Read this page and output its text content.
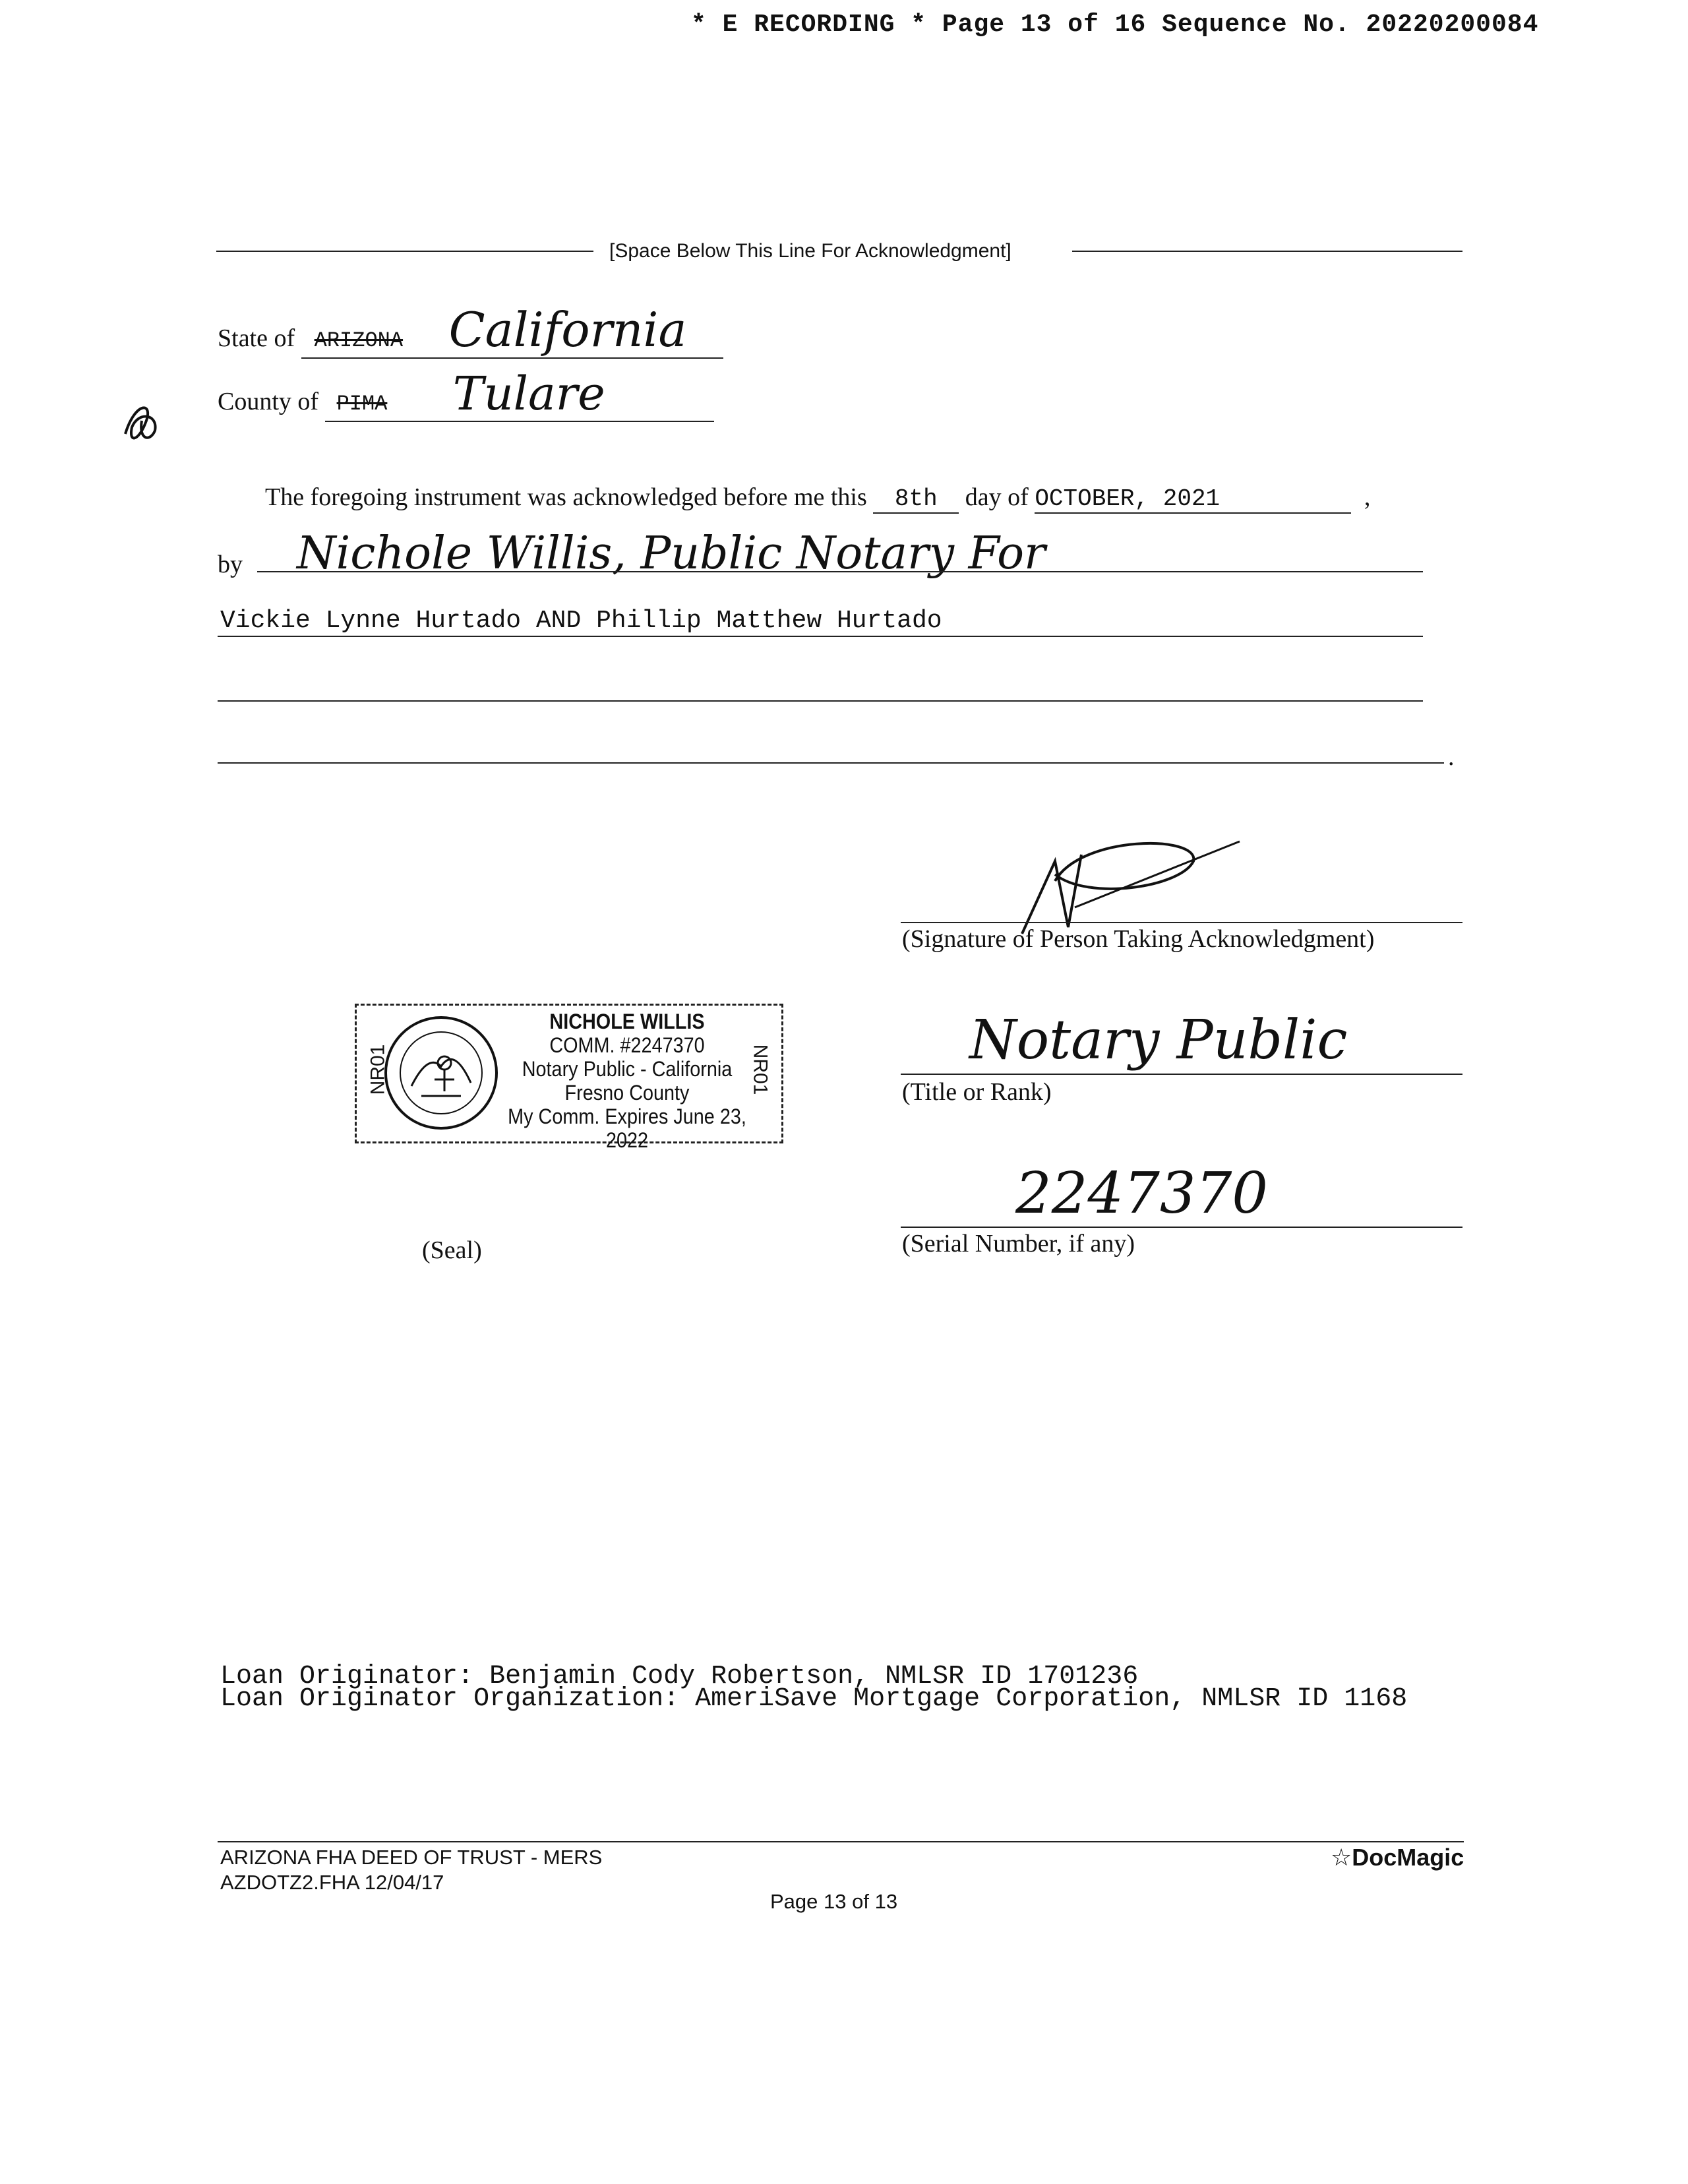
* E RECORDING * Page 13 of 16 Sequence No. 20220200084
[Space Below This Line For Acknowledgment]
State of ARIZONA California
County of PIMA Tulare
The foregoing instrument was acknowledged before me this 8th day of OCTOBER, 2021	,
by Nichole Willis, Public Notary For
Vickie Lynne Hurtado AND Phillip Matthew Hurtado
.
(Signature of Person Taking Acknowledgment)
Notary Public
(Title or Rank)
2247370
(Serial Number, if any)
NR01	NR01
NICHOLE WILLIS
COMM. #2247370
Notary Public - California
Fresno County
My Comm. Expires June 23, 2022
(Seal)
Loan Originator: Benjamin Cody Robertson, NMLSR ID 1701236
Loan Originator Organization: AmeriSave Mortgage Corporation, NMLSR ID 1168
ARIZONA FHA DEED OF TRUST - MERS
AZDOTZ2.FHA 12/04/17
Page 13 of 13
☆DocMagic
